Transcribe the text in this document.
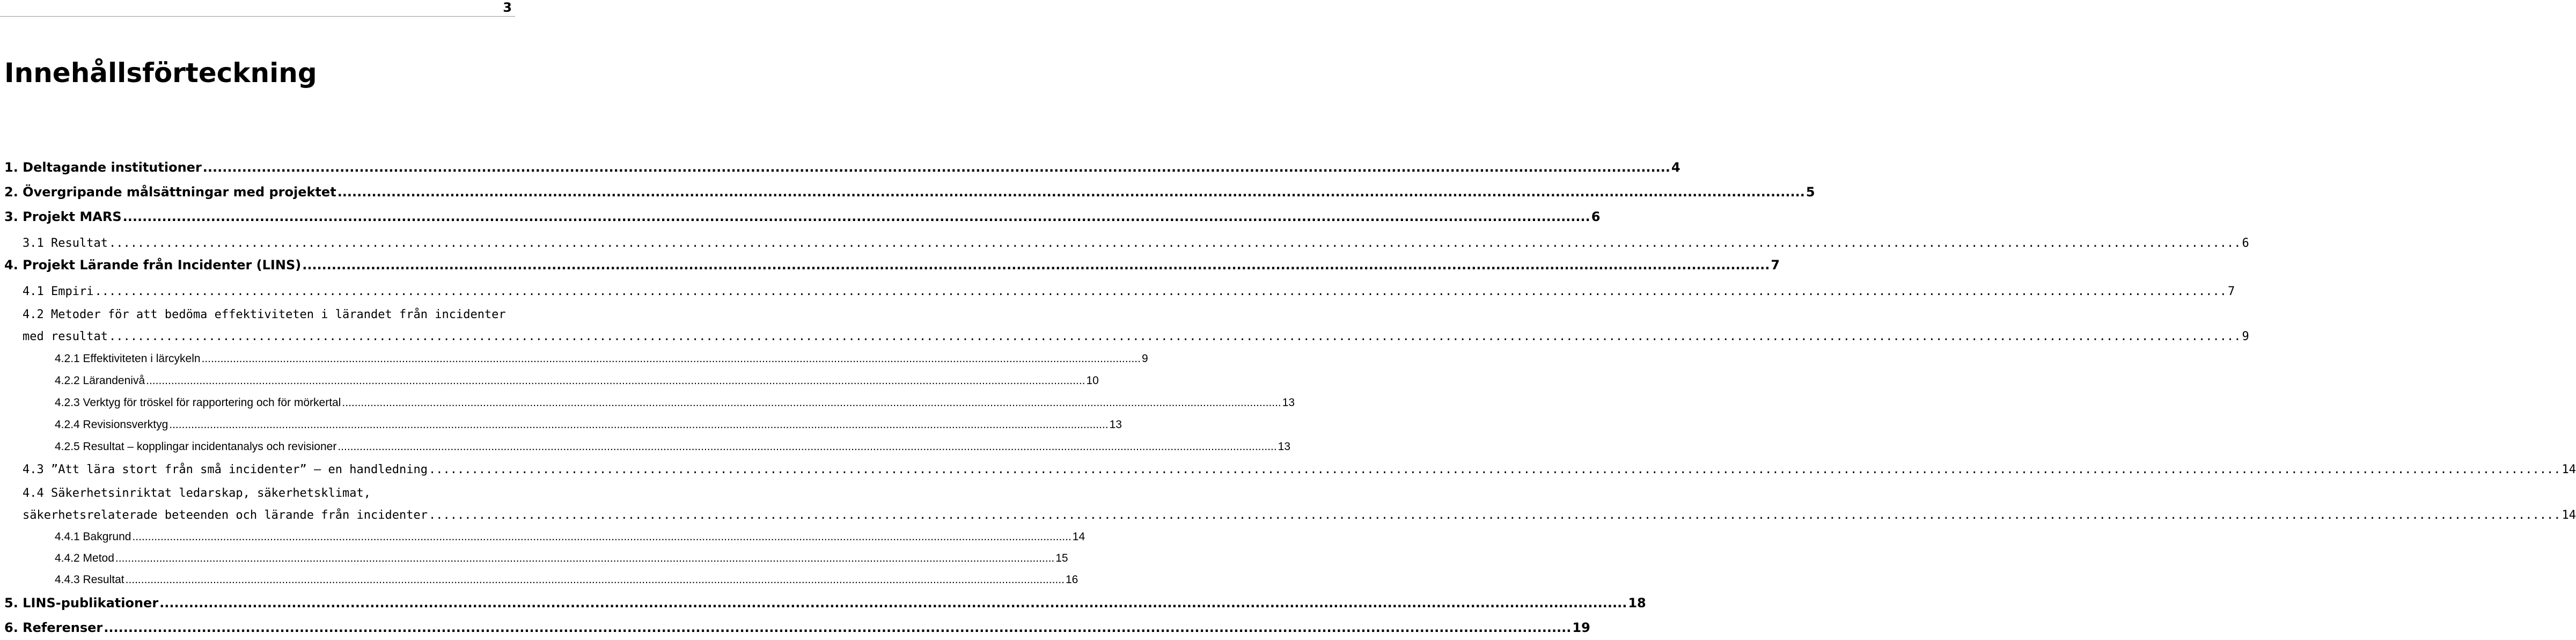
3
Innehållsförteckning
1. Deltagande institutioner ............................................................................................................................................................................................................................................................................................................ 4
2. Övergripande målsättningar med projektet ............................................................................................................................................................................................................................................................................................................ 5
3. Projekt MARS ............................................................................................................................................................................................................................................................................................................ 6
3.1 Resultat ............................................................................................................................................................................................................................................................................................................ 6
4. Projekt Lärande från Incidenter (LINS) ............................................................................................................................................................................................................................................................................................................ 7
4.1 Empiri ............................................................................................................................................................................................................................................................................................................ 7
4.2 Metoder för att bedöma effektiviteten i lärandet från incidenter
med resultat ............................................................................................................................................................................................................................................................................................................ 9
4.2.1 Effektiviteten i lärcykeln ............................................................................................................................................................................................................................................................................................................ 9
4.2.2 Lärandenivå ............................................................................................................................................................................................................................................................................................................ 10
4.2.3 Verktyg för tröskel för rapportering och för mörkertal ............................................................................................................................................................................................................................................................................................................ 13
4.2.4 Revisionsverktyg ............................................................................................................................................................................................................................................................................................................ 13
4.2.5 Resultat – kopplingar incidentanalys och revisioner ............................................................................................................................................................................................................................................................................................................ 13
4.3 ”Att lära stort från små incidenter” – en handledning ............................................................................................................................................................................................................................................................................................................ 14
4.4 Säkerhetsinriktat ledarskap, säkerhetsklimat,
säkerhetsrelaterade beteenden och lärande från incidenter ............................................................................................................................................................................................................................................................................................................ 14
4.4.1 Bakgrund ............................................................................................................................................................................................................................................................................................................ 14
4.4.2 Metod ............................................................................................................................................................................................................................................................................................................ 15
4.4.3 Resultat ............................................................................................................................................................................................................................................................................................................ 16
5. LINS-publikationer ............................................................................................................................................................................................................................................................................................................ 18
6. Referenser ............................................................................................................................................................................................................................................................................................................ 19
